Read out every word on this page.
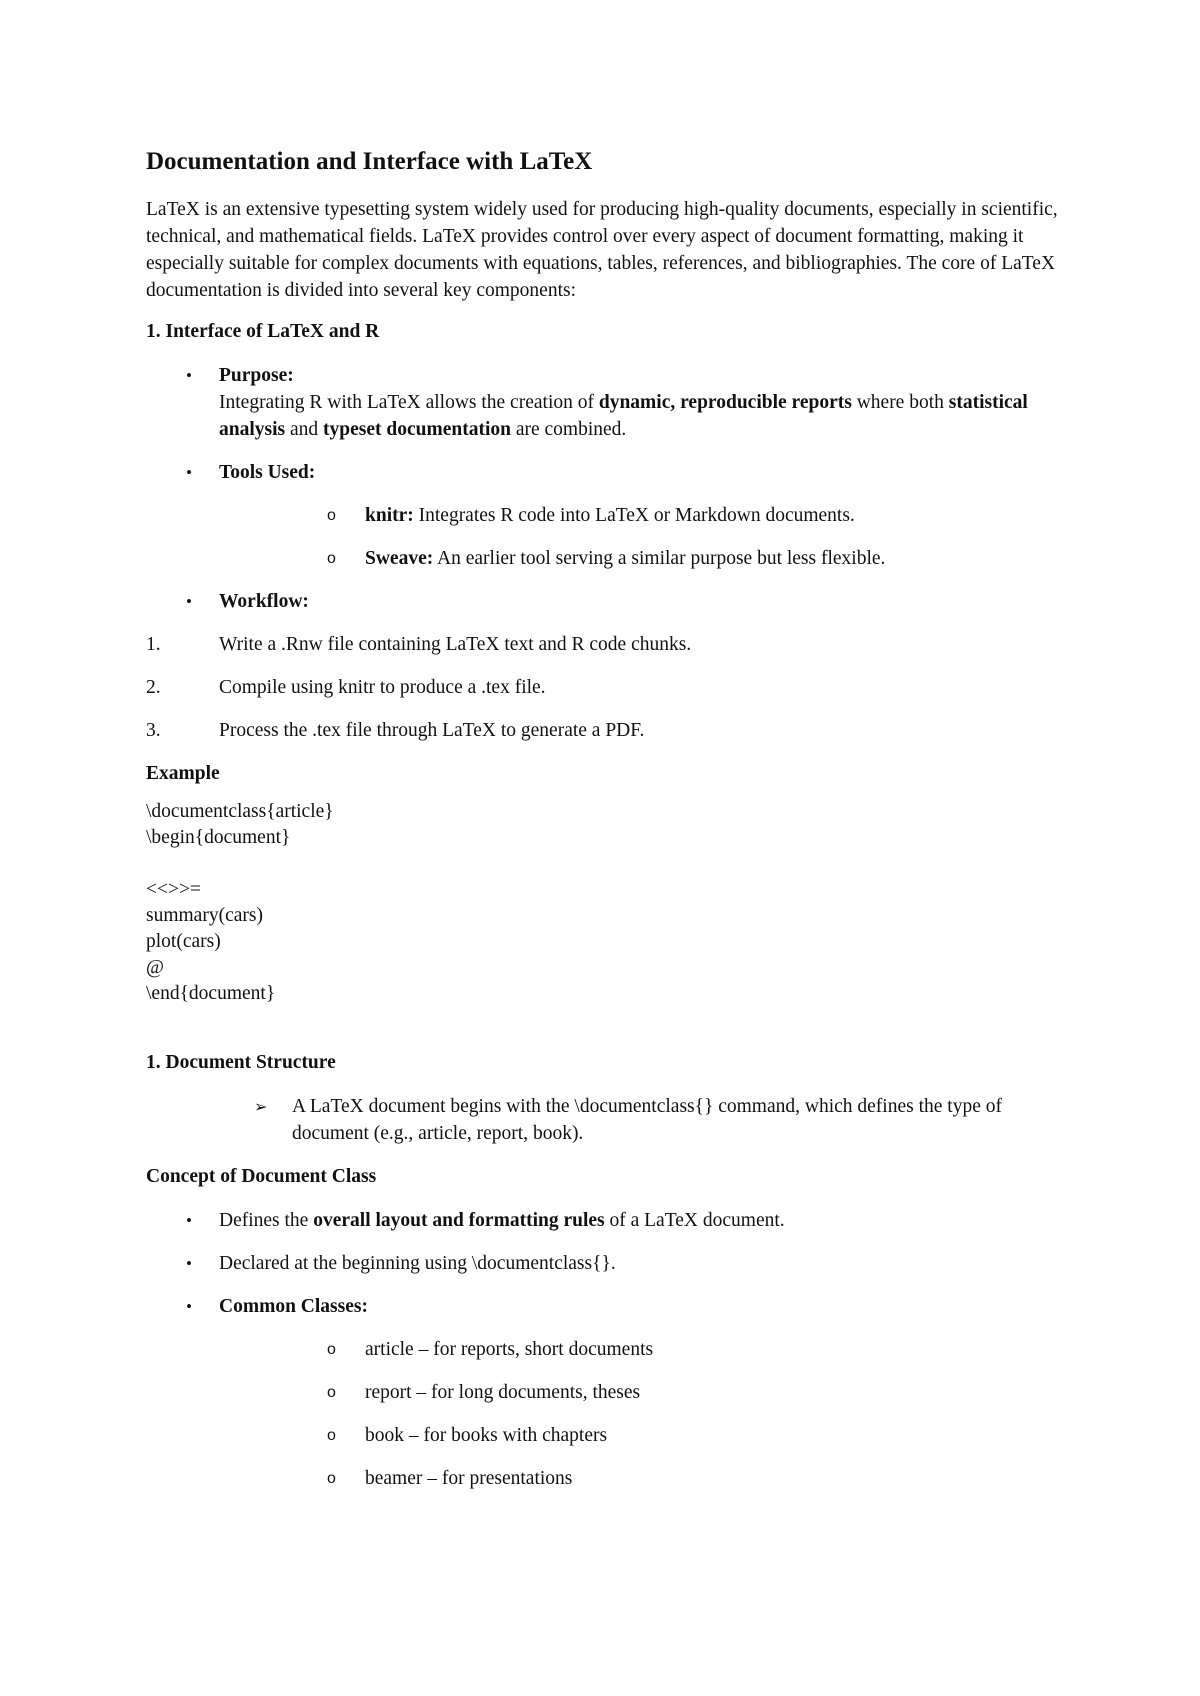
Documentation and Interface with LaTeX

LaTeX is an extensive typesetting system widely used for producing high-quality documents, especially in scientific, technical, and mathematical fields. LaTeX provides control over every aspect of document formatting, making it especially suitable for complex documents with equations, tables, references, and bibliographies. The core of LaTeX documentation is divided into several key components:

1. Interface of LaTeX and R
• Purpose:
Integrating R with LaTeX allows the creation of dynamic, reproducible reports where both statistical analysis and typeset documentation are combined.
• Tools Used:
o knitr: Integrates R code into LaTeX or Markdown documents.
o Sweave: An earlier tool serving a similar purpose but less flexible.
• Workflow:
1.	Write a .Rnw file containing LaTeX text and R code chunks.
2.	Compile using knitr to produce a .tex file.
3.	Process the .tex file through LaTeX to generate a PDF.

Example

\documentclass{article}
\begin{document}

<<>>=
summary(cars)
plot(cars)
@
\end{document}
1. Document Structure
➢ A LaTeX document begins with the \documentclass{} command, which defines the type of document (e.g., article, report, book).
Concept of Document Class
• Defines the overall layout and formatting rules of a LaTeX document.
• Declared at the beginning using \documentclass{}.
• Common Classes:
o article – for reports, short documents
o report – for long documents, theses
o book – for books with chapters
o beamer – for presentations
